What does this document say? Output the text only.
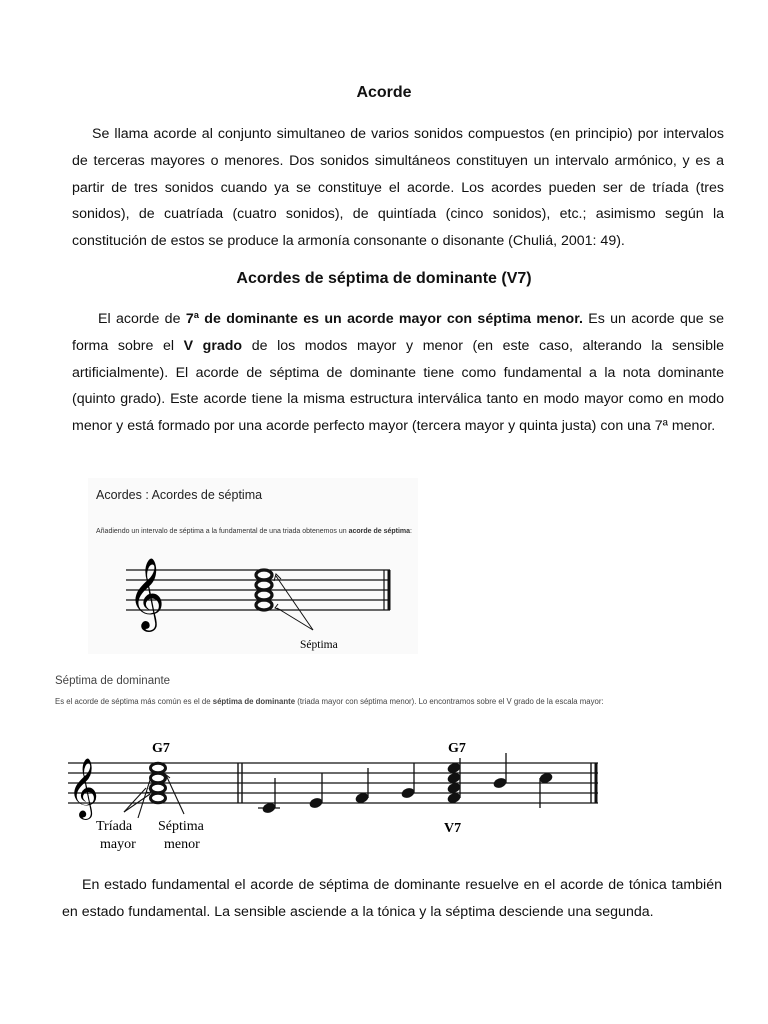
Acorde
Se llama acorde al conjunto simultaneo de varios sonidos compuestos (en principio) por intervalos de terceras mayores o menores. Dos sonidos simultáneos constituyen un intervalo armónico, y es a partir de tres sonidos cuando ya se constituye el acorde. Los acordes pueden ser de tríada (tres sonidos), de cuatríada (cuatro sonidos), de quintíada (cinco sonidos), etc.; asimismo según la constitución de estos se produce la armonía consonante o disonante (Chuliá, 2001: 49).
Acordes de séptima de dominante (V7)
El acorde de 7ª de dominante es un acorde mayor con séptima menor. Es un acorde que se forma sobre el V grado de los modos mayor y menor (en este caso, alterando la sensible artificialmente). El acorde de séptima de dominante tiene como fundamental a la nota dominante (quinto grado). Este acorde tiene la misma estructura interválica tanto en modo mayor como en modo menor y está formado por una acorde perfecto mayor (tercera mayor y quinta justa) con una 7ª menor.
Acordes : Acordes de séptima
Añadiendo un intervalo de séptima a la fundamental de una triada obtenemos un acorde de séptima:
𝄞
Séptima
Séptima de dominante
Es el acorde de séptima más común es el de séptima de dominante (triada mayor con séptima menor). Lo encontramos sobre el V grado de la escala mayor:
G7	G7
𝄞
V7
Tríada
mayor
Séptima
menor
En estado fundamental el acorde de séptima de dominante resuelve en el acorde de tónica también en estado fundamental. La sensible asciende a la tónica y la séptima desciende una segunda.
